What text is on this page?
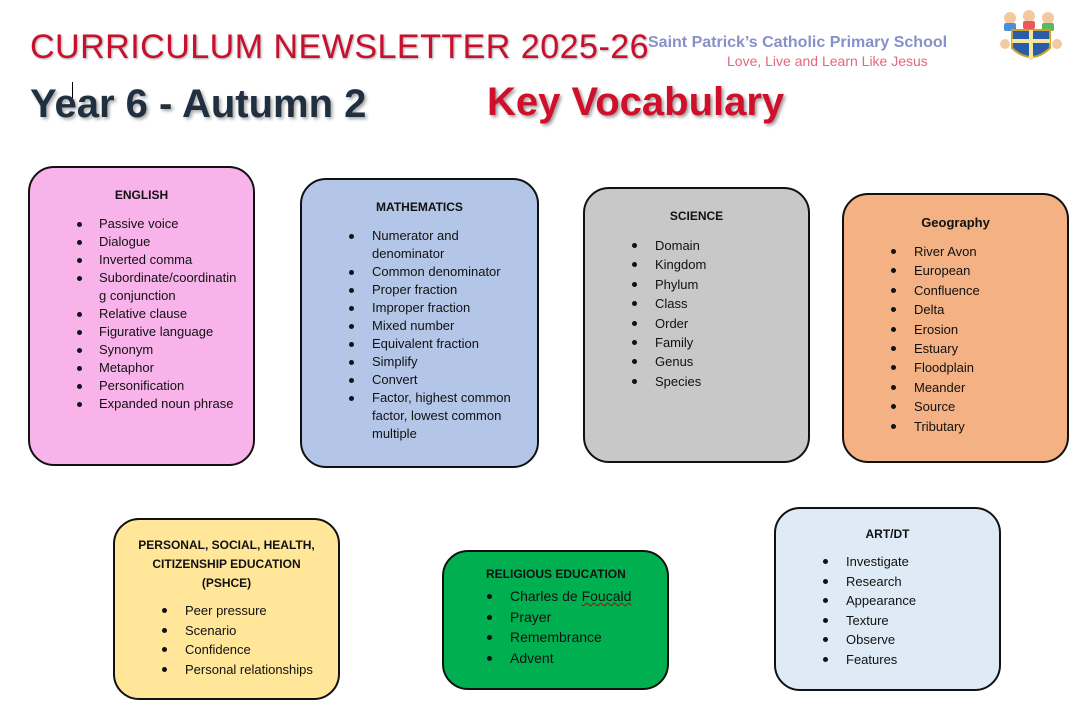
CURRICULUM NEWSLETTER 2025-26
Year 6 - Autumn 2	Key Vocabulary
Saint Patrick’s Catholic Primary School
Love, Live and Learn Like Jesus
ENGLISH
Passive voice
Dialogue
Inverted comma
Subordinate/coordinating conjunction
Relative clause
Figurative language
Synonym
Metaphor
Personification
Expanded noun phrase
MATHEMATICS
Numerator and denominator
Common denominator
Proper fraction
Improper fraction
Mixed number
Equivalent fraction
Simplify
Convert
Factor, highest common factor, lowest common multiple
SCIENCE
Domain
Kingdom
Phylum
Class
Order
Family
Genus
Species
Geography
River Avon
European
Confluence
Delta
Erosion
Estuary
Floodplain
Meander
Source
Tributary
PERSONAL, SOCIAL, HEALTH, CITIZENSHIP EDUCATION (PSHCE)
Peer pressure
Scenario
Confidence
Personal relationships
RELIGIOUS EDUCATION
Charles de Foucald
Prayer
Remembrance
Advent
ART/DT
Investigate
Research
Appearance
Texture
Observe
Features
